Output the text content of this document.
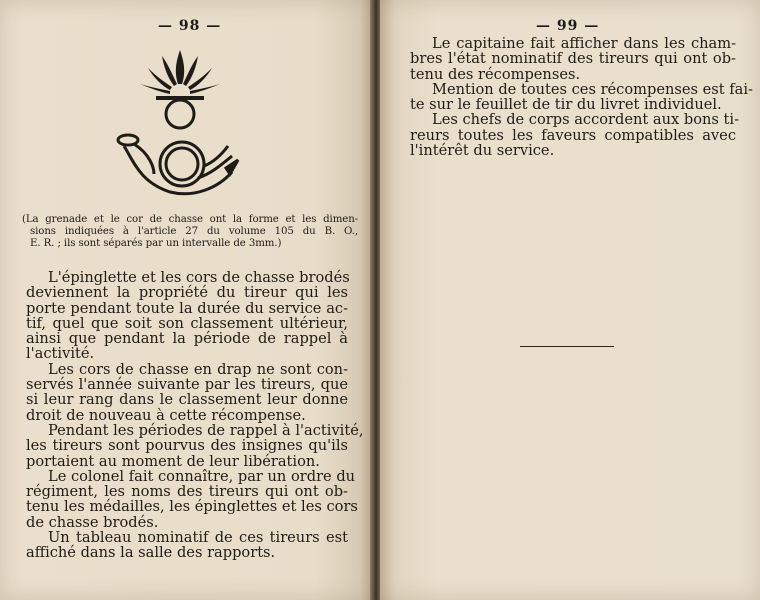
— 98 —
(La grenade et le cor de chasse ont la forme et les dimen-
sions indiquées à l'article 27 du volume 105 du B. O.,
E. R. ; ils sont séparés par un intervalle de 3mm.)
L'épinglette et les cors de chasse brodés
deviennent la propriété du tireur qui les
porte pendant toute la durée du service ac-
tif, quel que soit son classement ultérieur,
ainsi que pendant la période de rappel à
l'activité.
Les cors de chasse en drap ne sont con-
servés l'année suivante par les tireurs, que
si leur rang dans le classement leur donne
droit de nouveau à cette récompense.
Pendant les périodes de rappel à l'activité,
les tireurs sont pourvus des insignes qu'ils
portaient au moment de leur libération.
Le colonel fait connaître, par un ordre du
régiment, les noms des tireurs qui ont ob-
tenu les médailles, les épinglettes et les cors
de chasse brodés.
Un tableau nominatif de ces tireurs est
affiché dans la salle des rapports.
— 99 —
Le capitaine fait afficher dans les cham-
bres l'état nominatif des tireurs qui ont ob-
tenu des récompenses.
Mention de toutes ces récompenses est fai-
te sur le feuillet de tir du livret individuel.
Les chefs de corps accordent aux bons ti-
reurs toutes les faveurs compatibles avec
l'intérêt du service.
